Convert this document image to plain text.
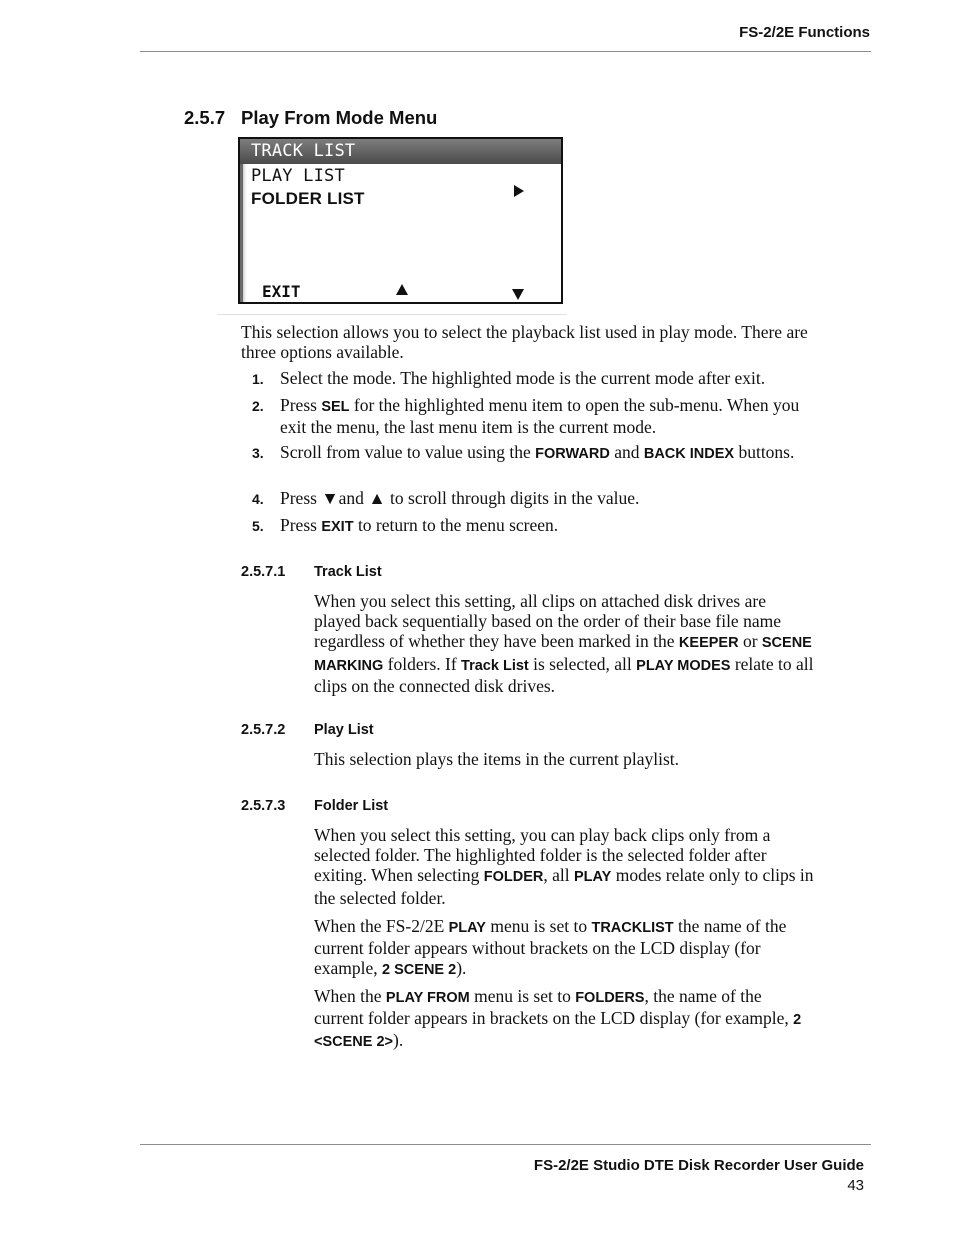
FS-2/2E Functions
2.5.7 Play From Mode Menu
TRACK LIST
PLAY LIST
FOLDER LIST
EXIT
This selection allows you to select the playback list used in play mode. There are three options available.
1. Select the mode. The highlighted mode is the current mode after exit.
2. Press SEL for the highlighted menu item to open the sub-menu. When you exit the menu, the last menu item is the current mode.
3. Scroll from value to value using the FORWARD and BACK INDEX buttons.
4. Press ▼and ▲ to scroll through digits in the value.
5. Press EXIT to return to the menu screen.
2.5.7.1 Track List
When you select this setting, all clips on attached disk drives are played back sequentially based on the order of their base file name regardless of whether they have been marked in the KEEPER or SCENE MARKING folders. If Track List is selected, all PLAY MODES relate to all clips on the connected disk drives.
2.5.7.2 Play List
This selection plays the items in the current playlist.
2.5.7.3 Folder List
When you select this setting, you can play back clips only from a selected folder. The highlighted folder is the selected folder after exiting. When selecting FOLDER, all PLAY modes relate only to clips in the selected folder.
When the FS-2/2E PLAY menu is set to TRACKLIST the name of the current folder appears without brackets on the LCD display (for example, 2 SCENE 2).
When the PLAY FROM menu is set to FOLDERS, the name of the current folder appears in brackets on the LCD display (for example, 2 <SCENE 2>).
FS-2/2E Studio DTE Disk Recorder User Guide
43
